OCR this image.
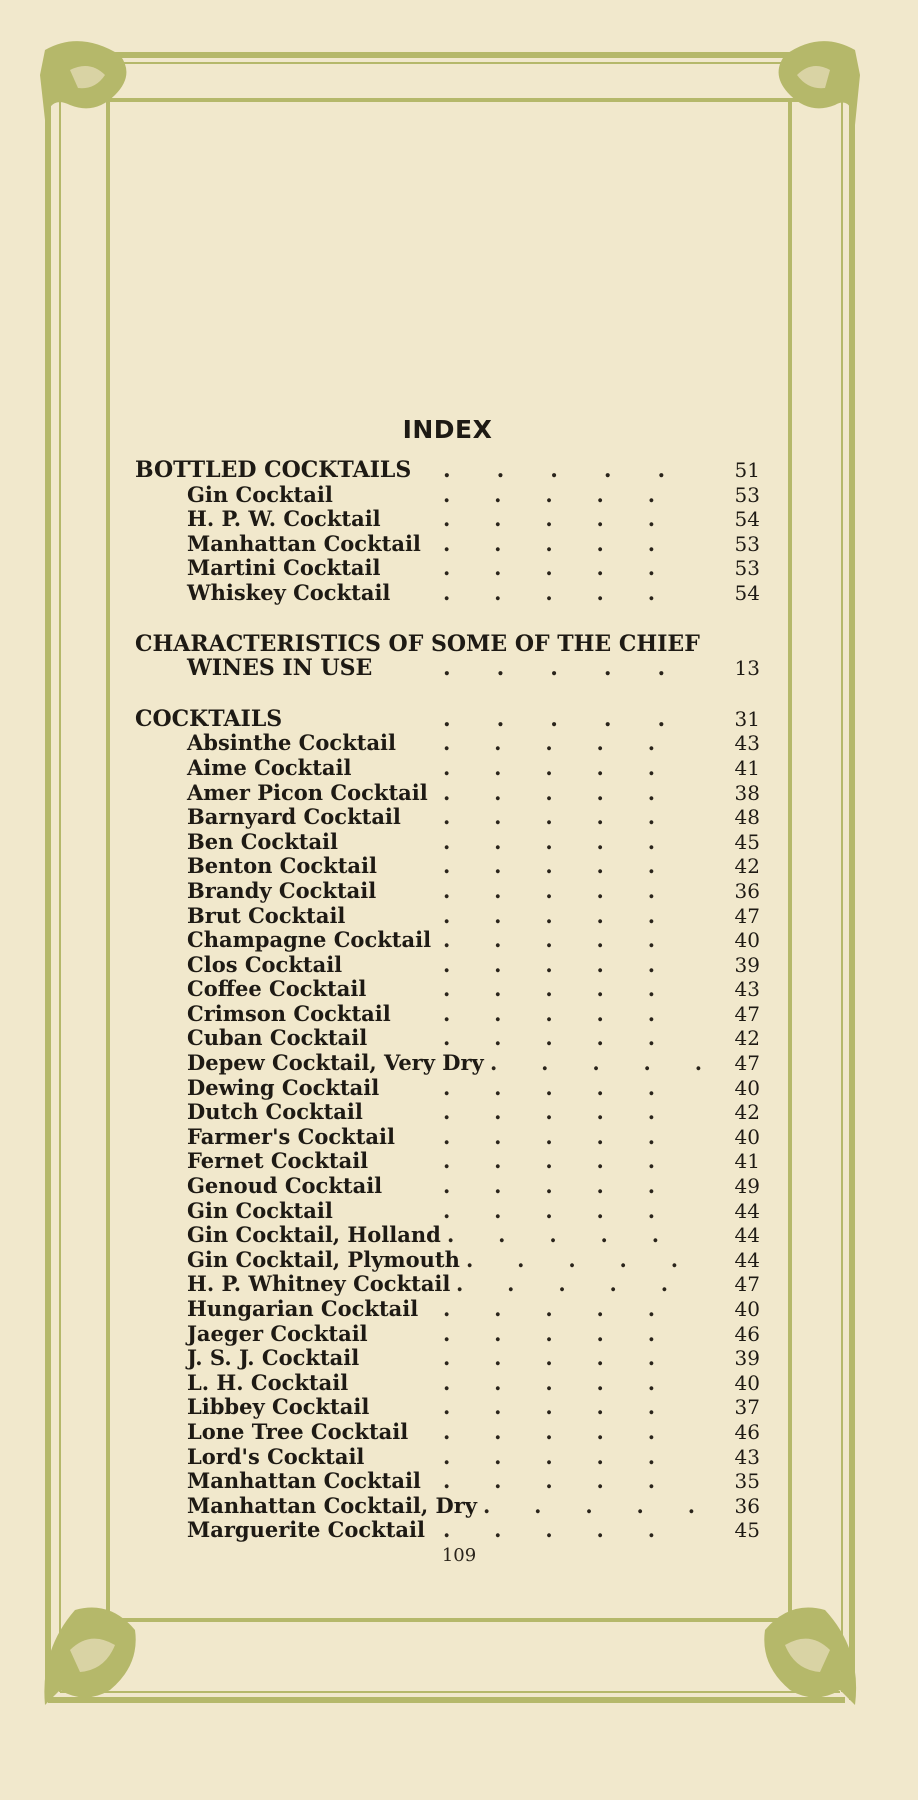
INDEX
BOTTLED COCKTAILS .      .      .      .      .	51
Gin Cocktail	.      .      .      .      .	53
H. P. W. Cocktail	.      .      .      .      .	54
Manhattan Cocktail .      .      .      .      .	53
Martini Cocktail	.      .      .      .      .	53
Whiskey Cocktail	.      .      .      .      .	54
CHARACTERISTICS OF SOME OF THE CHIEF
WINES IN USE	.      .      .      .      .	13
COCKTAILS	.      .      .      .      .	31
Absinthe Cocktail .      .      .      .      .	43
Aime Cocktail	.      .      .      .      .	41
Amer Picon Cocktail .      .      .      .      .	38
Barnyard Cocktail .      .      .      .      .	48
Ben Cocktail	.      .      .      .      .	45
Benton Cocktail	.      .      .      .      .	42
Brandy Cocktail	.      .      .      .      .	36
Brut Cocktail	.      .      .      .      .	47
Champagne Cocktail .      .      .      .      .	40
Clos Cocktail	.      .      .      .      .	39
Coffee Cocktail	.      .      .      .      .	43
Crimson Cocktail .      .      .      .      .	47
Cuban Cocktail	.      .      .      .      .	42
Depew Cocktail, Very Dry .      .      .      .      . 47
Dewing Cocktail	.      .      .      .      .	40
Dutch Cocktail	.      .      .      .      .	42
Farmer's Cocktail .      .      .      .      .	40
Fernet Cocktail	.      .      .      .      .	41
Genoud Cocktail	.      .      .      .      .	49
Gin Cocktail	.      .      .      .      .	44
Gin Cocktail, Holland .      .      .      .      .	44
Gin Cocktail, Plymouth .      .      .      .      .	44
H. P. Whitney Cocktail .      .      .      .      .	47
Hungarian Cocktail .      .      .      .      .	40
Jaeger Cocktail	.      .      .      .      .	46
J. S. J. Cocktail	.      .      .      .      .	39
L. H. Cocktail	.      .      .      .      .	40
Libbey Cocktail	.      .      .      .      .	37
Lone Tree Cocktail .      .      .      .      .	46
Lord's Cocktail	.      .      .      .      .	43
Manhattan Cocktail .      .      .      .      .	35
Manhattan Cocktail, Dry .      .      .      .      .	36
Marguerite Cocktail .      .      .      .      .	45
109
